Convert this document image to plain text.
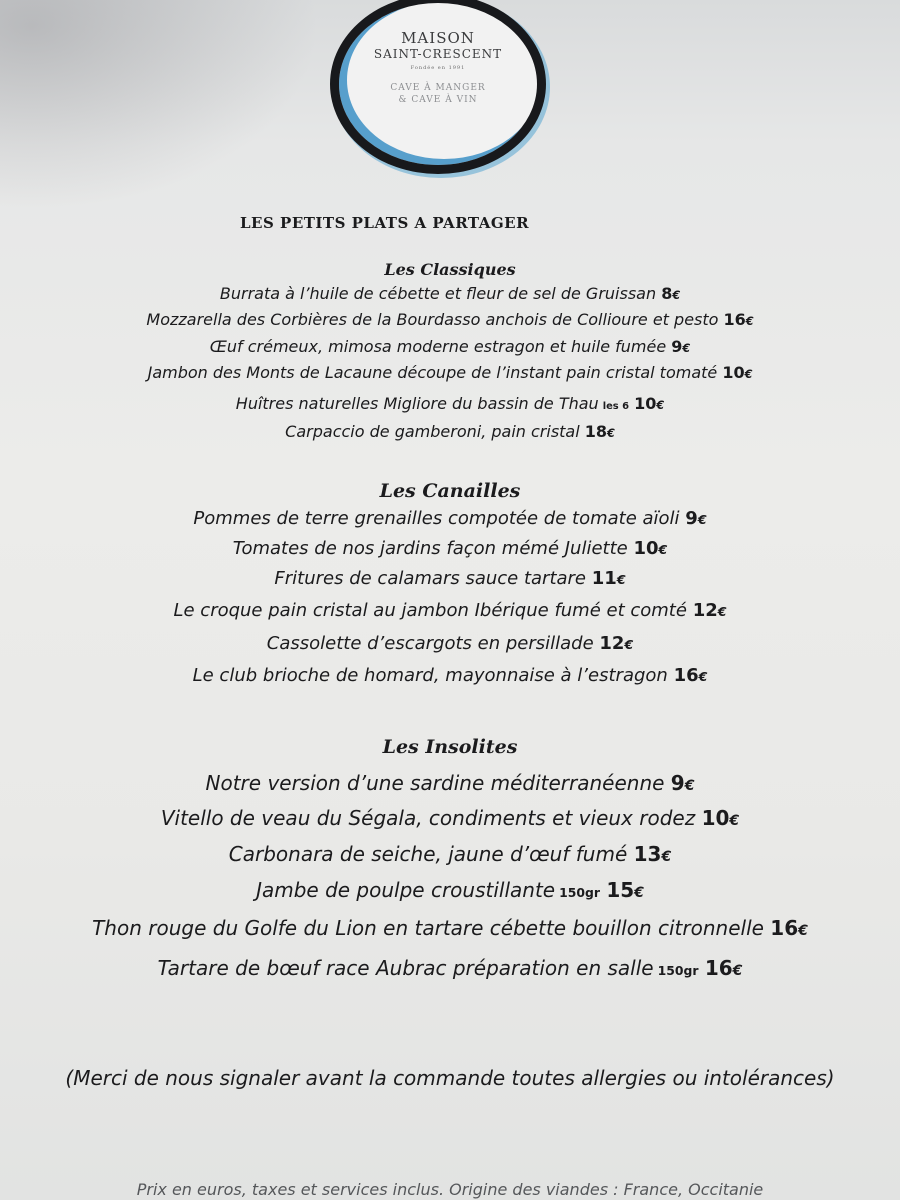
MAISON
SAINT-CRESCENT
Fondée en 1991
CAVE À MANGER
& CAVE À VIN
LES PETITS PLATS A PARTAGER
Les Classiques
Burrata à l’huile de cébette et fleur de sel de Gruissan 8€
Mozzarella des Corbières de la Bourdasso anchois de Collioure et pesto 16€
Œuf crémeux, mimosa moderne estragon et huile fumée 9€
Jambon des Monts de Lacaune découpe de l’instant pain cristal tomaté 10€
Huîtres naturelles Migliore du bassin de Thau les 6 10€
Carpaccio de gamberoni, pain cristal 18€
Les Canailles
Pommes de terre grenailles compotée de tomate aïoli 9€
Tomates de nos jardins façon mémé Juliette 10€
Fritures de calamars sauce tartare 11€
Le croque pain cristal au jambon Ibérique fumé et comté 12€
Cassolette d’escargots en persillade 12€
Le club brioche de homard, mayonnaise à l’estragon 16€
Les Insolites
Notre version d’une sardine méditerranéenne 9€
Vitello de veau du Ségala, condiments et vieux rodez 10€
Carbonara de seiche, jaune d’œuf fumé 13€
Jambe de poulpe croustillante 150gr 15€
Thon rouge du Golfe du Lion en tartare cébette bouillon citronnelle 16€
Tartare de bœuf race Aubrac préparation en salle 150gr 16€
(Merci de nous signaler avant la commande toutes allergies ou intolérances)
Prix en euros, taxes et services inclus. Origine des viandes : France, Occitanie
